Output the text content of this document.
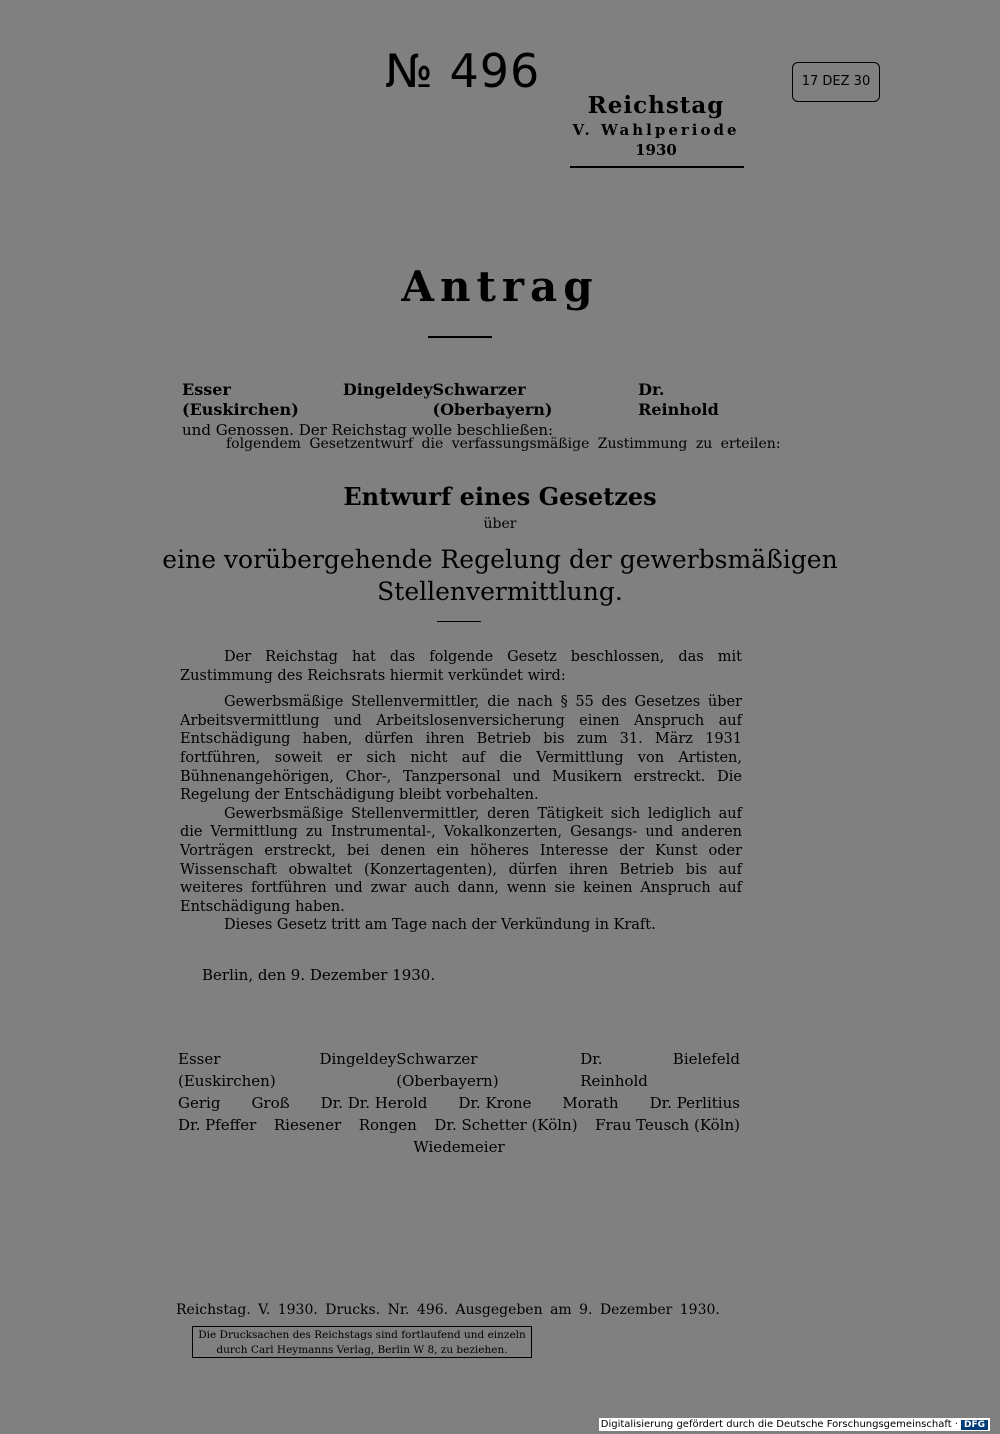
№ 496
Reichstag
V. Wahlperiode
1930
17 DEZ 30
Antrag
Esser (Euskirchen)
Dingeldey Schwarzer (Oberbayern)
Dr. Reinhold
und Genossen. Der Reichstag wolle beschließen:
folgendem Gesetzentwurf die verfassungsmäßige Zustimmung zu erteilen:
Entwurf eines Gesetzes
über
eine vorübergehende Regelung der gewerbsmäßigen
Stellenvermittlung.

Der Reichstag hat das folgende Gesetz beschlossen, das mit Zustimmung des Reichsrats hiermit verkündet wird:

Gewerbsmäßige Stellenvermittler, die nach § 55 des Gesetzes über Arbeitsvermittlung und Arbeitslosenversicherung einen Anspruch auf Entschädigung haben, dürfen ihren Betrieb bis zum 31. März 1931 fortführen, soweit er sich nicht auf die Vermittlung von Artisten, Bühnenangehörigen, Chor-, Tanzpersonal und Musikern erstreckt. Die Regelung der Entschädigung bleibt vorbehalten.

Gewerbsmäßige Stellenvermittler, deren Tätigkeit sich lediglich auf die Vermittlung zu Instrumental-, Vokalkonzerten, Gesangs- und anderen Vorträgen erstreckt, bei denen ein höheres Interesse der Kunst oder Wissenschaft obwaltet (Konzertagenten), dürfen ihren Betrieb bis auf weiteres fortführen und zwar auch dann, wenn sie keinen Anspruch auf Entschädigung haben.

Dieses Gesetz tritt am Tage nach der Verkündung in Kraft.

Berlin, den 9. Dezember 1930.
Esser (Euskirchen)
Dingeldey Schwarzer (Oberbayern)
Dr. Reinhold
Bielefeld
Gerig Groß Dr. Dr. Herold Dr. Krone Morath Dr. Perlitius
Dr. Pfeffer Riesener Rongen Dr. Schetter (Köln) Frau Teusch (Köln)
Wiedemeier
Reichstag. V. 1930. Drucks. Nr. 496. Ausgegeben am 9. Dezember 1930.
Die Drucksachen des Reichstags sind fortlaufend und einzeln
durch Carl Heymanns Verlag, Berlin W 8, zu beziehen.
Digitalisierung gefördert durch die Deutsche Forschungsgemeinschaft · DFG
